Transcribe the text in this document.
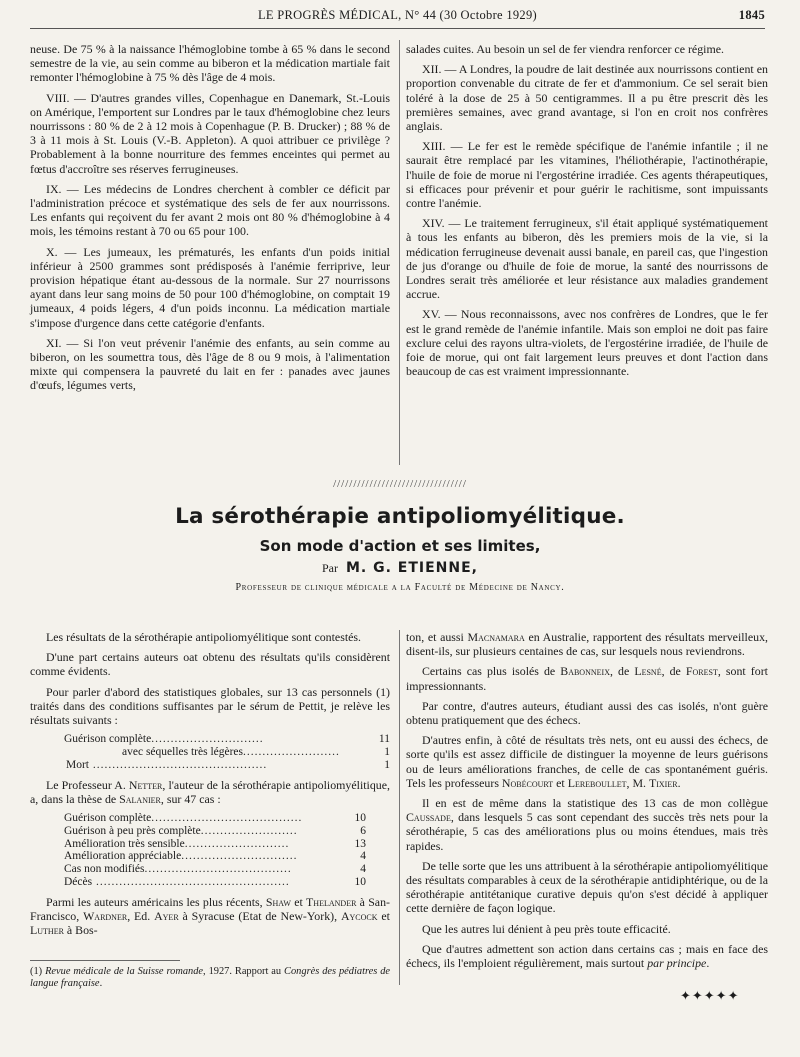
LE PROGRÈS MÉDICAL, N° 44 (30 Octobre 1929)	1845

neuse. De 75 % à la naissance l'hémoglobine tombe à 65 % dans le second semestre de la vie, au sein comme au biberon et la médication martiale fait remonter l'hémoglobine à 75 % dès l'âge de 4 mois.

VIII. — D'autres grandes villes, Copenhague en Danemark, St.-Louis on Amérique, l'emportent sur Londres par le taux d'hémoglobine chez leurs nourrissons : 80 % de 2 à 12 mois à Copenhague (P. B. Drucker) ; 88 % de 3 à 11 mois à St. Louis (V.-B. Appleton). A quoi attribuer ce privilège ? Probablement à la bonne nourriture des femmes enceintes qui permet au fœtus d'accroître ses réserves ferrugineuses.

IX. — Les médecins de Londres cherchent à combler ce déficit par l'administration précoce et systématique des sels de fer aux nourrissons. Les enfants qui reçoivent du fer avant 2 mois ont 80 % d'hémoglobine à 4 mois, les témoins restant à 70 ou 65 pour 100.

X. — Les jumeaux, les prématurés, les enfants d'un poids initial inférieur à 2500 grammes sont prédisposés à l'anémie ferriprive, leur provision hépatique étant au-dessous de la normale. Sur 27 nourrissons ayant dans leur sang moins de 50 pour 100 d'hémoglobine, on comptait 19 jumeaux, 4 poids légers, 4 d'un poids inconnu. La médication martiale s'impose d'urgence dans cette catégorie d'enfants.

XI. — Si l'on veut prévenir l'anémie des enfants, au sein comme au biberon, on les soumettra tous, dès l'âge de 8 ou 9 mois, à l'alimentation mixte qui compensera la pauvreté du lait en fer : panades avec jaunes d'œufs, légumes verts,

salades cuites. Au besoin un sel de fer viendra renforcer ce régime.

XII. — A Londres, la poudre de lait destinée aux nourrissons contient en proportion convenable du citrate de fer et d'ammonium. Ce sel serait bien toléré à la dose de 25 à 50 centigrammes. Il a pu être prescrit dès les premières semaines, avec grand avantage, si l'on en croit nos confrères anglais.

XIII. — Le fer est le remède spécifique de l'anémie infantile ; il ne saurait être remplacé par les vitamines, l'héliothérapie, l'actinothérapie, l'huile de foie de morue ni l'ergostérine irradiée. Ces agents thérapeutiques, si efficaces pour prévenir et pour guérir le rachitisme, sont impuissants contre l'anémie.

XIV. — Le traitement ferrugineux, s'il était appliqué systématiquement à tous les enfants au biberon, dès les premiers mois de la vie, si la médication ferrugineuse devenait aussi banale, en pareil cas, que l'ingestion de jus d'orange ou d'huile de foie de morue, la santé des nourrissons de Londres serait très améliorée et leur résistance aux maladies grandement accrue.

XV. — Nous reconnaissons, avec nos confrères de Londres, que le fer est le grand remède de l'anémie infantile. Mais son emploi ne doit pas faire exclure celui des rayons ultra-violets, de l'ergostérine irradiée, de l'huile de foie de morue, qui ont fait largement leurs preuves et dont l'action dans beaucoup de cas est vraiment impressionnante.

/////////////////////////////////
La sérothérapie antipoliomyélitique.
Son mode d'action et ses limites,
Par M. G. ETIENNE,
Professeur de clinique médicale a la Faculté de Médecine de Nancy.

Les résultats de la sérothérapie antipoliomyélitique sont contestés.

D'une part certains auteurs oat obtenu des résultats qu'ils considèrent comme évidents.

Pour parler d'abord des statistiques globales, sur 13 cas personnels (1) traités dans des conditions suffisantes par le sérum de Pettit, je relève les résultats suivants :

Guérison complète.............................	11
avec séquelles très légères.........................	1
Mort .............................................	1

Le Professeur A. Netter, l'auteur de la sérothérapie antipoliomyélitique, a, dans la thèse de Salanier, sur 47 cas :

Guérison complète.......................................	10
Guérison à peu près complète.........................	6
Amélioration très sensible...........................	13
Amélioration appréciable..............................	4
Cas non modifiés......................................	4
Décès ..................................................	10

Parmi les auteurs américains les plus récents, Shaw et Thelander à San-Francisco, Wardner, Ed. Ayer à Syracuse (Etat de New-York), Aycock et Luther à Bos-

ton, et aussi Macnamara en Australie, rapportent des résultats merveilleux, disent-ils, sur plusieurs centaines de cas, sur lesquels nous reviendrons.

Certains cas plus isolés de Babonneix, de Lesné, de Forest, sont fort impressionnants.

Par contre, d'autres auteurs, étudiant aussi des cas isolés, n'ont guère obtenu pratiquement que des échecs.

D'autres enfin, à côté de résultats très nets, ont eu aussi des échecs, de sorte qu'ils est assez difficile de distinguer la moyenne de leurs guérisons ou de leurs améliorations franches, de celle de cas spontanément guéris. Tels les professeurs Nobécourt et Lereboullet, M. Tixier.

Il en est de même dans la statistique des 13 cas de mon collègue Caussade, dans lesquels 5 cas sont cependant des succès très nets pour la sérothérapie, 5 cas des améliorations plus ou moins étendues, mais très rapides.

De telle sorte que les uns attribuent à la sérothérapie antipoliomyélitique des résultats comparables à ceux de la sérothérapie antidiphtérique, ou de la sérothérapie antitétanique curative depuis qu'on s'est décidé à appliquer cette dernière de façon logique.

Que les autres lui dénient à peu près toute efficacité.

Que d'autres admettent son action dans certains cas ; mais en face des échecs, ils l'emploient régulièrement, mais surtout par principe.

(1) Revue médicale de la Suisse romande, 1927. Rapport au Congrès des pédiatres de langue française.
✦✦✦✦✦
